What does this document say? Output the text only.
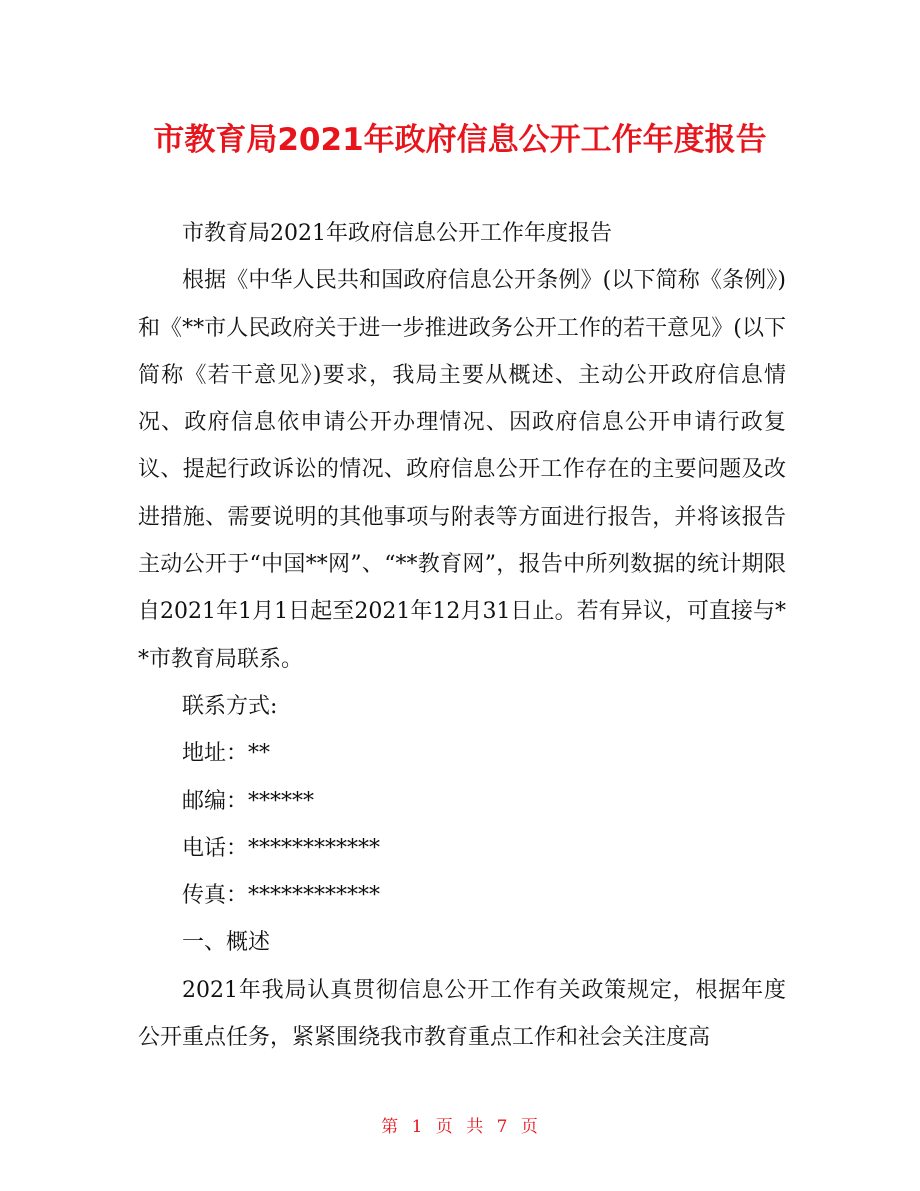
市教育局2021年政府信息公开工作年度报告

市教育局2021年政府信息公开工作年度报告

根据《中华人民共和国政府信息公开条例》(以下简称《条例》)和《**市人民政府关于进一步推进政务公开工作的若干意见》(以下简称《若干意见》)要求，我局主要从概述、主动公开政府信息情况、政府信息依申请公开办理情况、因政府信息公开申请行政复议、提起行政诉讼的情况、政府信息公开工作存在的主要问题及改进措施、需要说明的其他事项与附表等方面进行报告，并将该报告主动公开于“中国**网”、“**教育网”，报告中所列数据的统计期限自2021年1月1日起至2021年12月31日止。若有异议，可直接与**市教育局联系。

联系方式:

地址：**

邮编：******

电话：************

传真：************

一、概述

2021年我局认真贯彻信息公开工作有关政策规定，根据年度公开重点任务，紧紧围绕我市教育重点工作和社会关注度高

第 1 页 共 7 页
